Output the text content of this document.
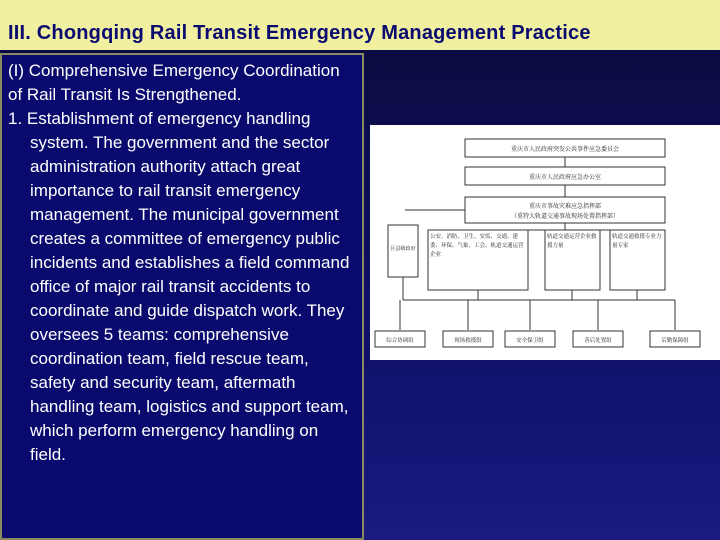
III. Chongqing Rail Transit Emergency Management Practice

(I) Comprehensive Emergency Coordination of Rail Transit Is Strengthened.

1. Establishment of emergency handling system. The government and the sector administration authority attach great importance to rail transit emergency management. The municipal government creates a committee of emergency public incidents and establishes a field command office of major rail transit accidents to coordinate and guide dispatch work. They oversees 5 teams: comprehensive coordination team, field rescue team, safety and security team, aftermath handling team, logistics and support team, which perform emergency handling on field.

重庆市人民政府突发公共事件应急委员会
重庆市人民政府应急办公室
重庆市事故灾难应急指挥部
（重特大轨道交通事故现场处置指挥部）
区县级政府
公安、消防、卫生、安监、交通、建委、环保、气象、工会、轨道交通运营企业
轨道交通运营企业救援力量
轨道交通救援专业力量专家
综合协调组	现场救援组	安全保卫组	善后处置组	后勤保障组
